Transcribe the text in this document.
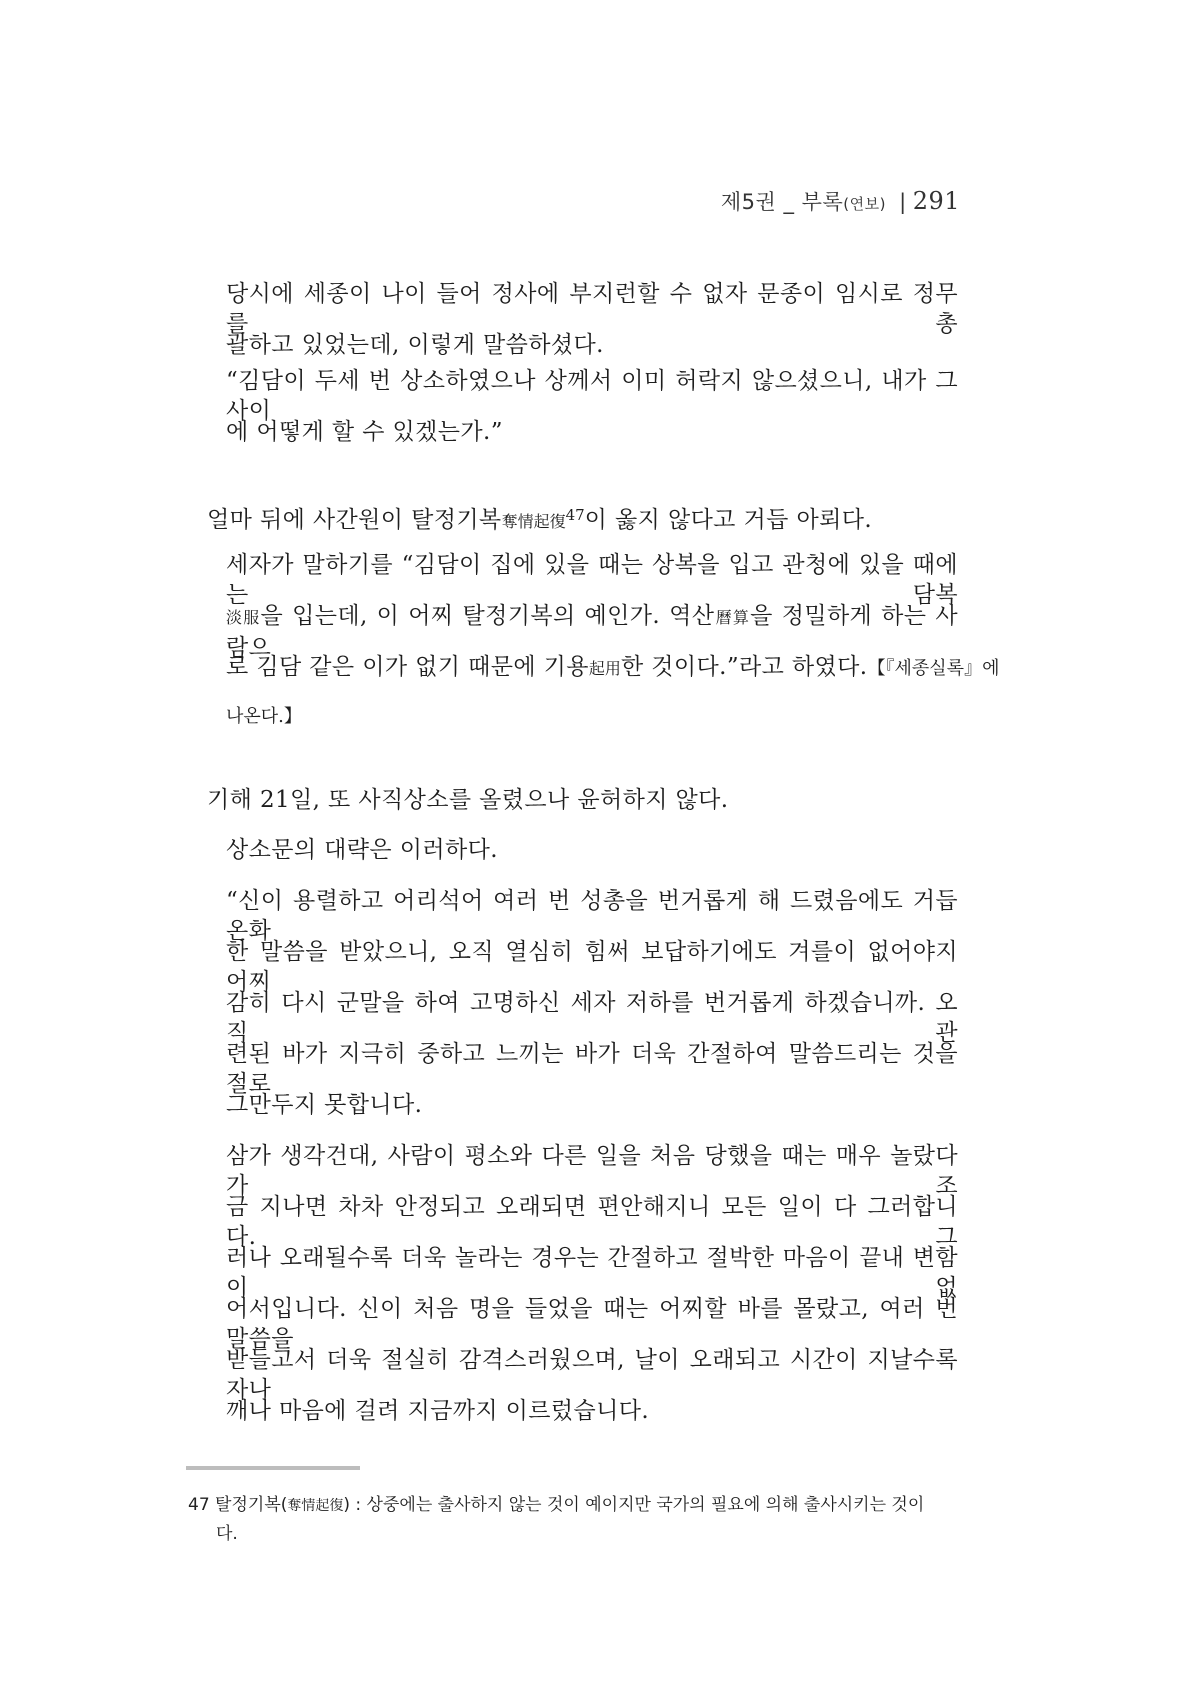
제5권 _ 부록(연보) | 291
당시에 세종이 나이 들어 정사에 부지런할 수 없자 문종이 임시로 정무를 총
괄하고 있었는데, 이렇게 말씀하셨다.
“김담이 두세 번 상소하였으나 상께서 이미 허락지 않으셨으니, 내가 그 사이
에 어떻게 할 수 있겠는가.”
얼마 뒤에 사간원이 탈정기복奪情起復$^{47}$이 옳지 않다고 거듭 아뢰다.
세자가 말하기를 “김담이 집에 있을 때는 상복을 입고 관청에 있을 때에는 담복
淡服을 입는데, 이 어찌 탈정기복의 예인가. 역산曆算을 정밀하게 하는 사람으
로 김담 같은 이가 없기 때문에 기용起用한 것이다.”라고 하였다.【『세종실록』에
나온다.】
기해 21일, 또 사직상소를 올렸으나 윤허하지 않다.
상소문의 대략은 이러하다.
“신이 용렬하고 어리석어 여러 번 성총을 번거롭게 해 드렸음에도 거듭 온화
한 말씀을 받았으니, 오직 열심히 힘써 보답하기에도 겨를이 없어야지 어찌
감히 다시 군말을 하여 고명하신 세자 저하를 번거롭게 하겠습니까. 오직 관
련된 바가 지극히 중하고 느끼는 바가 더욱 간절하여 말씀드리는 것을 절로
그만두지 못합니다.
삼가 생각건대, 사람이 평소와 다른 일을 처음 당했을 때는 매우 놀랐다가 조
금 지나면 차차 안정되고 오래되면 편안해지니 모든 일이 다 그러합니다. 그
러나 오래될수록 더욱 놀라는 경우는 간절하고 절박한 마음이 끝내 변함이 없
어서입니다. 신이 처음 명을 들었을 때는 어찌할 바를 몰랐고, 여러 번 말씀을
받들고서 더욱 절실히 감격스러웠으며, 날이 오래되고 시간이 지날수록 자나
깨나 마음에 걸려 지금까지 이르렀습니다.
47 탈정기복(奪情起復) : 상중에는 출사하지 않는 것이 예이지만 국가의 필요에 의해 출사시키는 것이
다.
